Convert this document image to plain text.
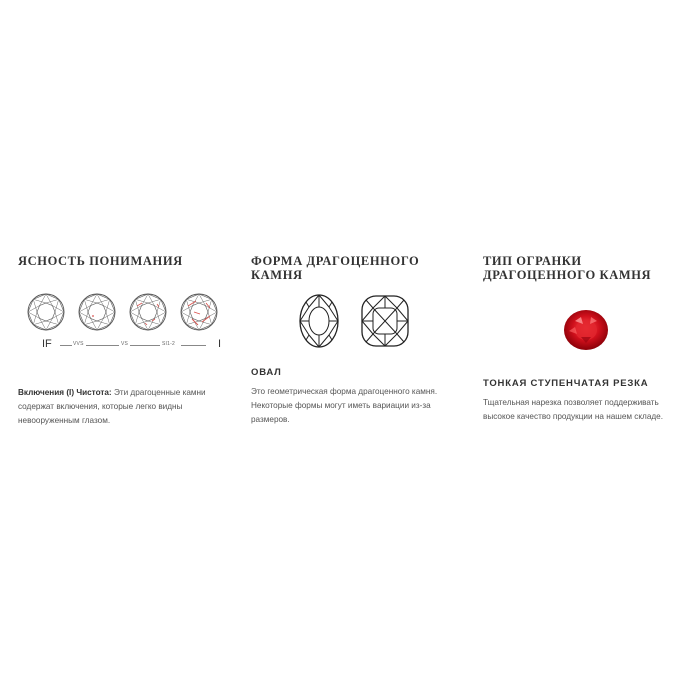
ЯСНОСТЬ ПОНИМАНИЯ
IF	VVS	VS	SI1-2	I

Включения (I) Чистота: Эти драгоценные камни содержат включения, которые легко видны невооруженным глазом.

ФОРМА ДРАГОЦЕННОГО КАМНЯ
ОВАЛ

Это геометрическая форма драгоценного камня. Некоторые формы могут иметь вариации из-за размеров.

ТИП ОГРАНКИ ДРАГОЦЕННОГО КАМНЯ
ТОНКАЯ СТУПЕНЧАТАЯ РЕЗКА

Тщательная нарезка позволяет поддерживать высокое качество продукции на нашем складе.
